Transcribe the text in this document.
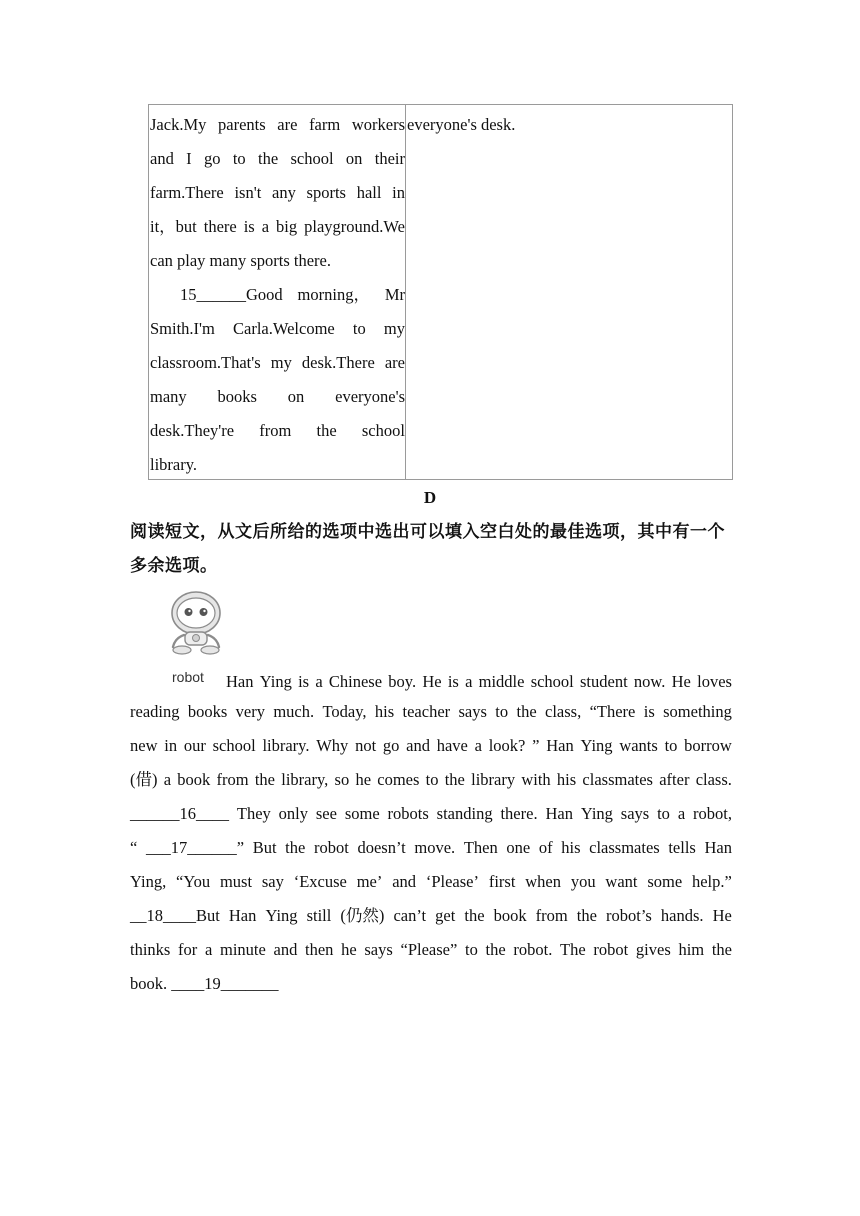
Jack.My parents are farm workers
and I go to the school on their
farm.There isn't any sports hall in
it，but there is a big playground.We
can play many sports there.
15______Good morning， Mr
Smith.I'm Carla.Welcome to my
classroom.That's my desk.There are
many books on everyone's
desk.They're from the school
library.
everyone's desk.
D
阅读短文，从文后所给的选项中选出可以填入空白处的最佳选项，其中有一个
多余选项。
robot Han Ying is a Chinese boy. He is a middle school student now. He loves
reading books very much. Today, his teacher says to the class, “There is something
new in our school library. Why not go and have a look? ” Han Ying wants to borrow
(借) a book from the library, so he comes to the library with his classmates after class.
______16____ They only see some robots standing there. Han Ying says to a robot,
“ ___17______” But the robot doesn’t move. Then one of his classmates tells Han
Ying, “You must say ‘Excuse me’ and ‘Please’ first when you want some help.”
__18____But Han Ying still (仍然) can’t get the book from the robot’s hands. He
thinks for a minute and then he says “Please” to the robot. The robot gives him the
book. ____19_______
